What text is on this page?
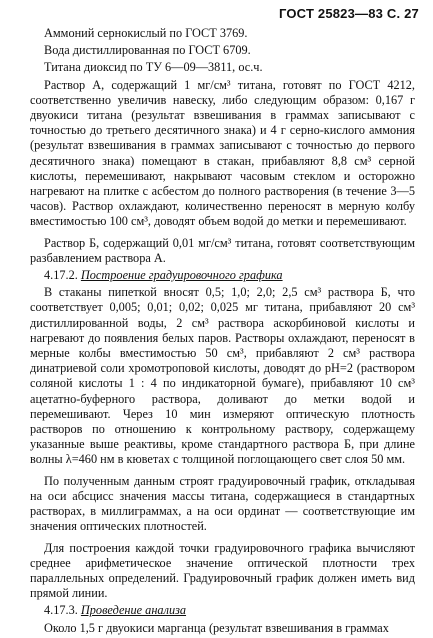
ГОСТ 25823—83 С. 27

Аммоний сернокислый по ГОСТ 3769.

Вода дистиллированная по ГОСТ 6709.

Титана диоксид по ТУ 6—09—3811, ос.ч.

Раствор А, содержащий 1 мг/см³ титана, готовят по ГОСТ 4212, соответственно увеличив навеску, либо следующим образом: 0,167 г двуокиси титана (результат взвешивания в граммах записывают с точностью до третьего десятичного знака) и 4 г серно-кислого аммония (результат взвешивания в граммах записывают с точностью до первого десятичного знака) помещают в стакан, прибавляют 8,8 см³ серной кислоты, перемешивают, накрывают часовым стеклом и осторожно нагревают на плитке с асбестом до полного растворения (в течение 3—5 часов). Раствор охлаждают, количественно переносят в мерную колбу вместимостью 100 см³, доводят объем водой до метки и перемешивают.

Раствор Б, содержащий 0,01 мг/см³ титана, готовят соответствующим разбавлением раствора А.

4.17.2. Построение градуировочного графика

В стаканы пипеткой вносят 0,5; 1,0; 2,0; 2,5 см³ раствора Б, что соответствует 0,005; 0,01; 0,02; 0,025 мг титана, прибавляют 20 см³ дистиллированной воды, 2 см³ раствора аскорбиновой кислоты и нагревают до появления белых паров. Растворы охлаждают, переносят в мерные колбы вместимостью 50 см³, прибавляют 2 см³ раствора динатриевой соли хромотроповой кислоты, доводят до pH=2 (раствором соляной кислоты 1 : 4 по индикаторной бумаге), прибавляют 10 см³ ацетатно-буферного раствора, доливают до метки водой и перемешивают. Через 10 мин измеряют оптическую плотность растворов по отношению к контрольному раствору, содержащему указанные выше реактивы, кроме стандартного раствора Б, при длине волны λ=460 нм в кюветах с толщиной поглощающего свет слоя 50 мм.

По полученным данным строят градуировочный график, откладывая на оси абсцисс значения массы титана, содержащиеся в стандартных растворах, в миллиграммах, а на оси ординат — соответствующие им значения оптических плотностей.

Для построения каждой точки градуировочного графика вычисляют среднее арифметическое значение оптической плотности трех параллельных определений. Градуировочный график должен иметь вид прямой линии.

4.17.3. Проведение анализа

Около 1,5 г двуокиси марганца (результат взвешивания в граммах
